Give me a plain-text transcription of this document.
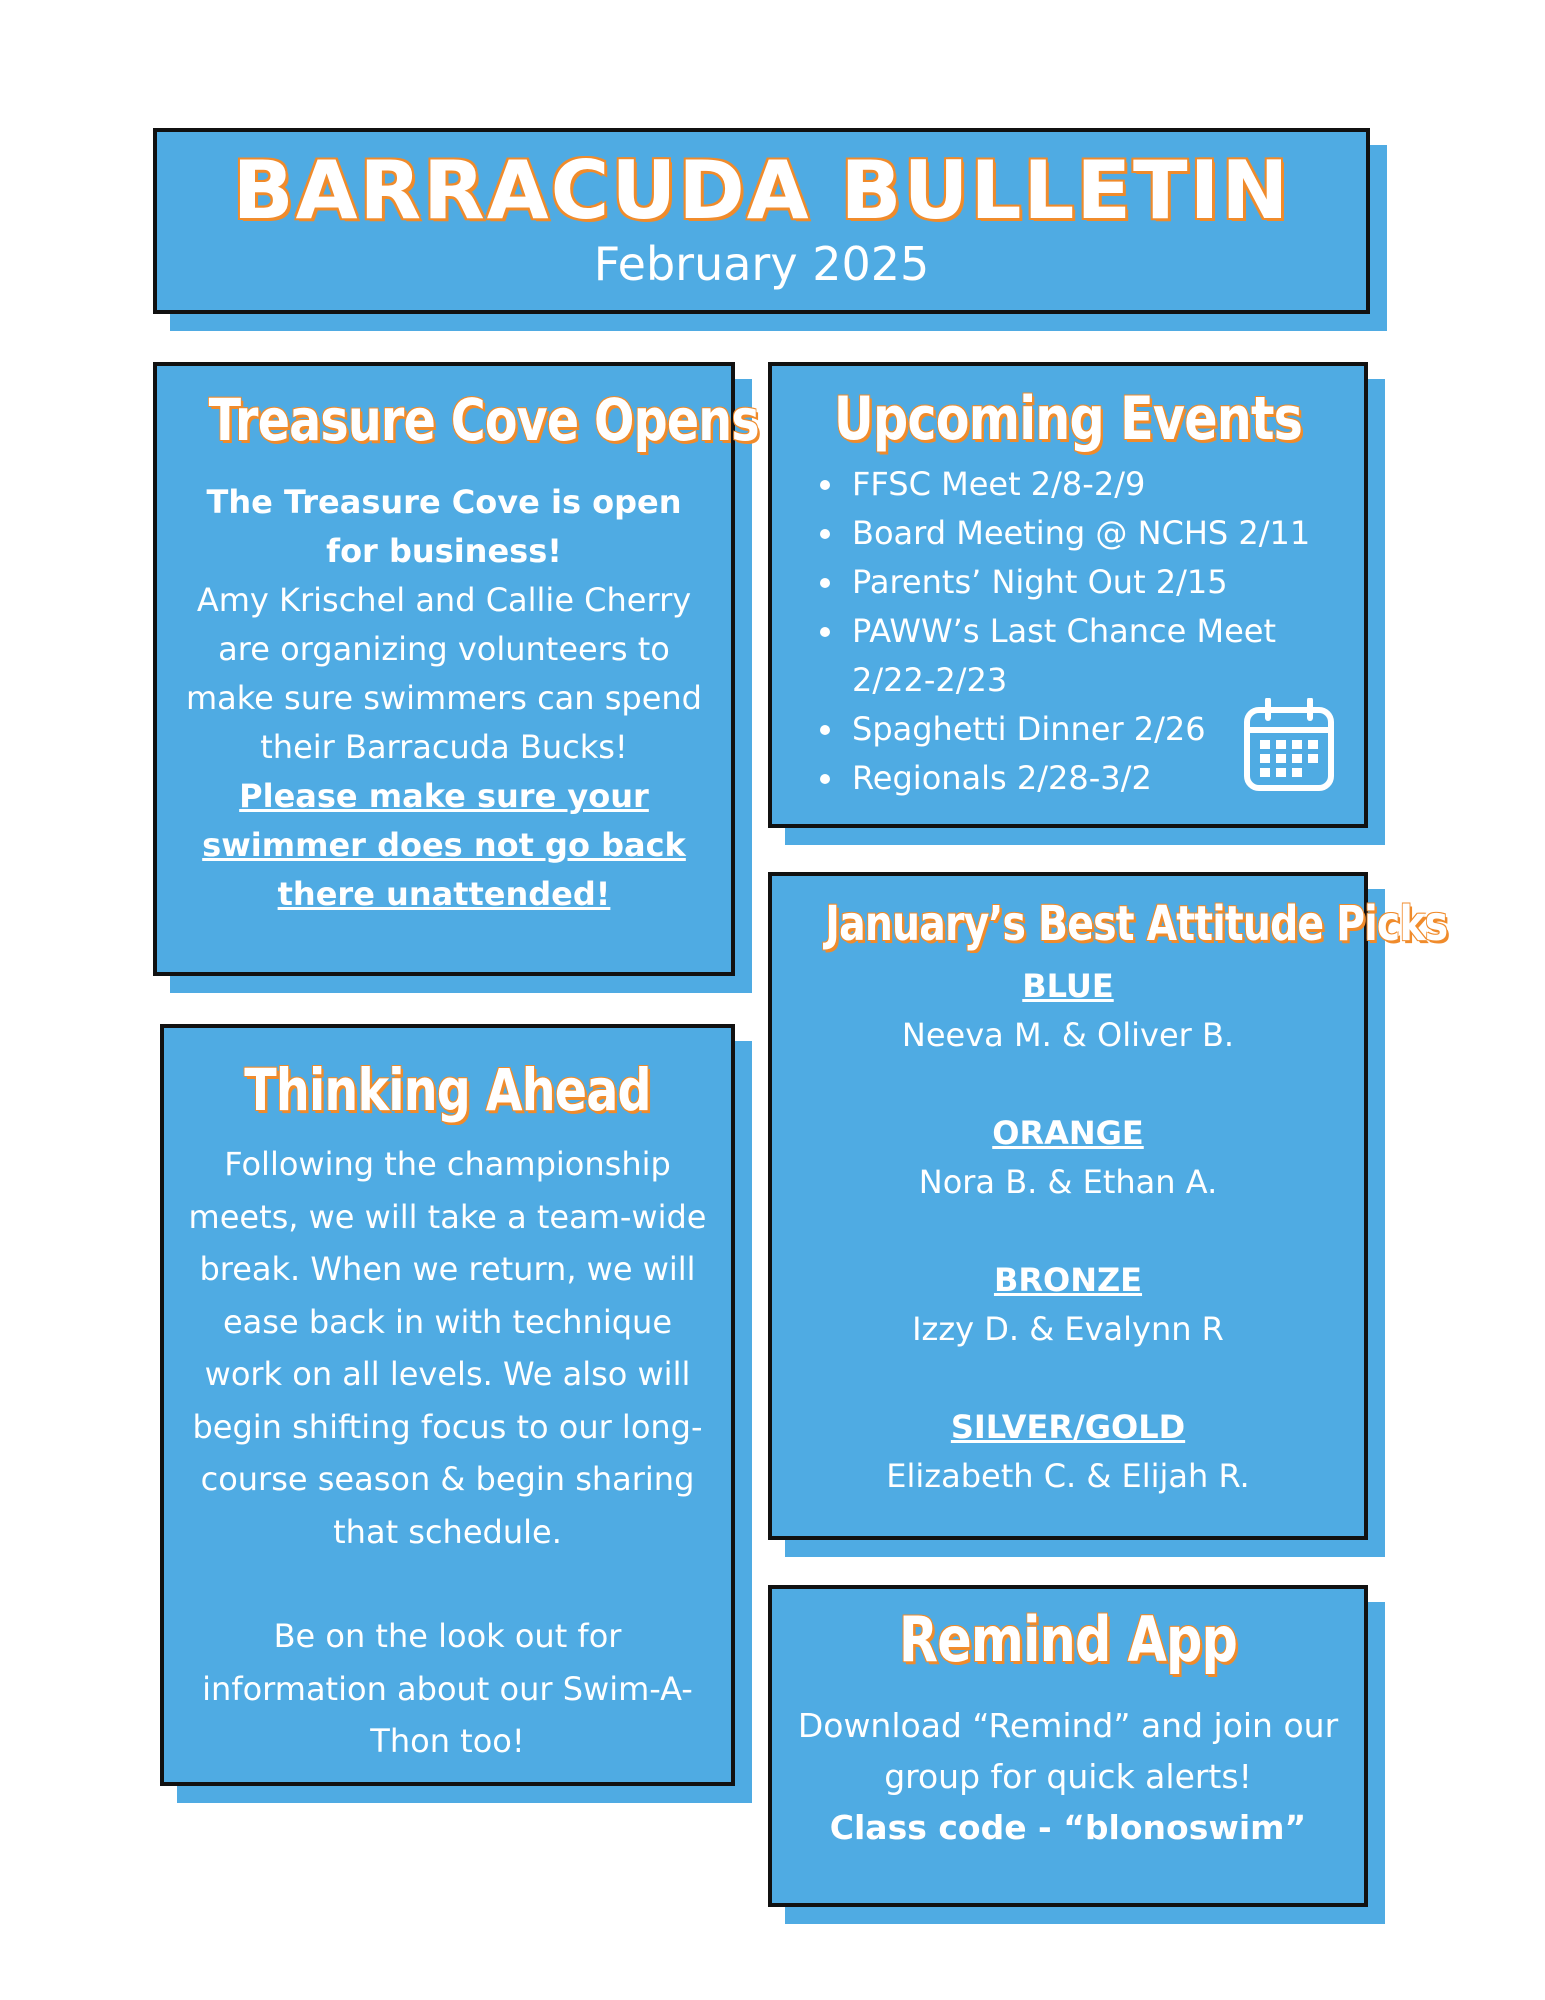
BARRACUDA BULLETIN
February 2025
Treasure Cove Opens

The Treasure Cove is open for business!

Amy Krischel and Callie Cherry are organizing volunteers to make sure swimmers can spend their Barracuda Bucks!

Please make sure your swimmer does not go back there unattended!

Upcoming Events
FFSC Meet 2/8-2/9
Board Meeting @ NCHS 2/11
Parents’ Night Out 2/15
PAWW’s Last Chance Meet 2/22-2/23
Spaghetti Dinner 2/26
Regionals 2/28-3/2
Thinking Ahead

Following the championship meets, we will take a team-wide break. When we return, we will ease back in with technique work on all levels. We also will begin shifting focus to our long-course season & begin sharing that schedule.

Be on the look out for information about our Swim-A-Thon too!

January’s Best Attitude Picks

BLUE

Neeva M. & Oliver B.

ORANGE

Nora B. & Ethan A.

BRONZE

Izzy D. & Evalynn R

SILVER/GOLD

Elizabeth C. & Elijah R.

Remind App

Download “Remind” and join our group for quick alerts!

Class code - “blonoswim”
